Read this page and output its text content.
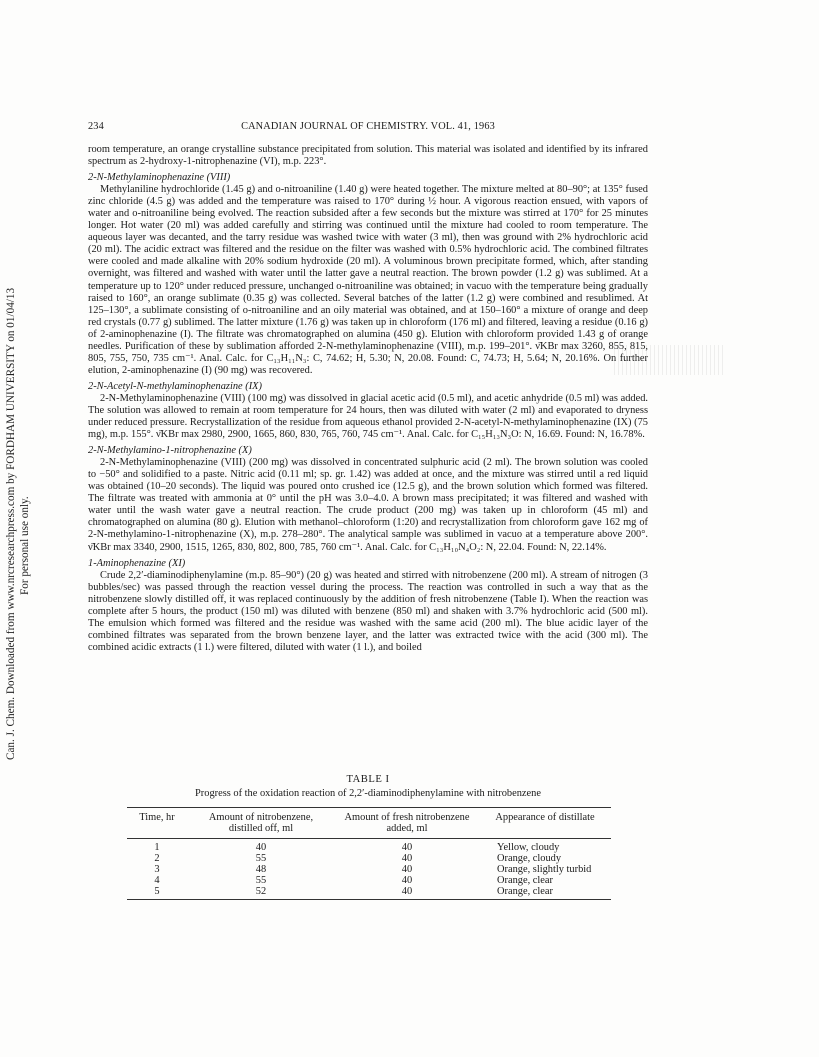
Can. J. Chem. Downloaded from www.nrcresearchpress.com by FORDHAM UNIVERSITY on 01/04/13 For personal use only.
234	CANADIAN JOURNAL OF CHEMISTRY. VOL. 41, 1963

room temperature, an orange crystalline substance precipitated from solution. This material was isolated and identified by its infrared spectrum as 2-hydroxy-1-nitrophenazine (VI), m.p. 223°.

2-N-Methylaminophenazine (VIII)

Methylaniline hydrochloride (1.45 g) and o-nitroaniline (1.40 g) were heated together. The mixture melted at 80–90°; at 135° fused zinc chloride (4.5 g) was added and the temperature was raised to 170° during ½ hour. A vigorous reaction ensued, with vapors of water and o-nitroaniline being evolved. The reaction subsided after a few seconds but the mixture was stirred at 170° for 25 minutes longer. Hot water (20 ml) was added carefully and stirring was continued until the mixture had cooled to room temperature. The aqueous layer was decanted, and the tarry residue was washed twice with water (3 ml), then was ground with 2% hydrochloric acid (20 ml). The acidic extract was filtered and the residue on the filter was washed with 0.5% hydrochloric acid. The combined filtrates were cooled and made alkaline with 20% sodium hydroxide (20 ml). A voluminous brown precipitate formed, which, after standing overnight, was filtered and washed with water until the latter gave a neutral reaction. The brown powder (1.2 g) was sublimed. At a temperature up to 120° under reduced pressure, unchanged o-nitroaniline was obtained; in vacuo with the temperature being gradually raised to 160°, an orange sublimate (0.35 g) was collected. Several batches of the latter (1.2 g) were combined and resublimed. At 125–130°, a sublimate consisting of o-nitroaniline and an oily material was obtained, and at 150–160° a mixture of orange and deep red crystals (0.77 g) sublimed. The latter mixture (1.76 g) was taken up in chloroform (176 ml) and filtered, leaving a residue (0.16 g) of 2-aminophenazine (I). The filtrate was chromatographed on alumina (450 g). Elution with chloroform provided 1.43 g of orange needles. Purification of these by sublimation afforded 2-N-methylaminophenazine (VIII), m.p. 199–201°. ν̄KBr max 3260, 855, 815, 805, 755, 750, 735 cm⁻¹. Anal. Calc. for C₁₃H₁₁N₃: C, 74.62; H, 5.30; N, 20.08. Found: C, 74.73; H, 5.64; N, 20.16%. On further elution, 2-aminophenazine (I) (90 mg) was recovered.

2-N-Acetyl-N-methylaminophenazine (IX)

2-N-Methylaminophenazine (VIII) (100 mg) was dissolved in glacial acetic acid (0.5 ml), and acetic anhydride (0.5 ml) was added. The solution was allowed to remain at room temperature for 24 hours, then was diluted with water (2 ml) and evaporated to dryness under reduced pressure. Recrystallization of the residue from aqueous ethanol provided 2-N-acetyl-N-methylaminophenazine (IX) (75 mg), m.p. 155°. ν̄KBr max 2980, 2900, 1665, 860, 830, 765, 760, 745 cm⁻¹. Anal. Calc. for C₁₅H₁₃N₃O: N, 16.69. Found: N, 16.78%.

2-N-Methylamino-1-nitrophenazine (X)

2-N-Methylaminophenazine (VIII) (200 mg) was dissolved in concentrated sulphuric acid (2 ml). The brown solution was cooled to −50° and solidified to a paste. Nitric acid (0.11 ml; sp. gr. 1.42) was added at once, and the mixture was stirred until a red liquid was obtained (10–20 seconds). The liquid was poured onto crushed ice (12.5 g), and the brown solution which formed was filtered. The filtrate was treated with ammonia at 0° until the pH was 3.0–4.0. A brown mass precipitated; it was filtered and washed with water until the wash water gave a neutral reaction. The crude product (200 mg) was taken up in chloroform (45 ml) and chromatographed on alumina (80 g). Elution with methanol–chloroform (1:20) and recrystallization from chloroform gave 162 mg of 2-N-methylamino-1-nitrophenazine (X), m.p. 278–280°. The analytical sample was sublimed in vacuo at a temperature above 200°. ν̄KBr max 3340, 2900, 1515, 1265, 830, 802, 800, 785, 760 cm⁻¹. Anal. Calc. for C₁₃H₁₀N₄O₂: N, 22.04. Found: N, 22.14%.

1-Aminophenazine (XI)

Crude 2,2′-diaminodiphenylamine (m.p. 85–90°) (20 g) was heated and stirred with nitrobenzene (200 ml). A stream of nitrogen (3 bubbles/sec) was passed through the reaction vessel during the process. The reaction was controlled in such a way that as the nitrobenzene slowly distilled off, it was replaced continuously by the addition of fresh nitrobenzene (Table I). When the reaction was complete after 5 hours, the product (150 ml) was diluted with benzene (850 ml) and shaken with 3.7% hydrochloric acid (500 ml). The emulsion which formed was filtered and the residue was washed with the same acid (200 ml). The blue acidic layer of the combined filtrates was separated from the brown benzene layer, and the latter was extracted twice with the acid (300 ml). The combined acidic extracts (1 l.) were filtered, diluted with water (1 l.), and boiled

TABLE I
Progress of the oxidation reaction of 2,2′-diaminodiphenylamine with nitrobenzene
Time, hr	Amount of nitrobenzene, distilled off, ml	Amount of fresh nitrobenzene added, ml	Appearance of distillate
1	40	40	Yellow, cloudy
2	55	40	Orange, cloudy
3	48	40	Orange, slightly turbid
4	55	40	Orange, clear
5	52	40	Orange, clear
